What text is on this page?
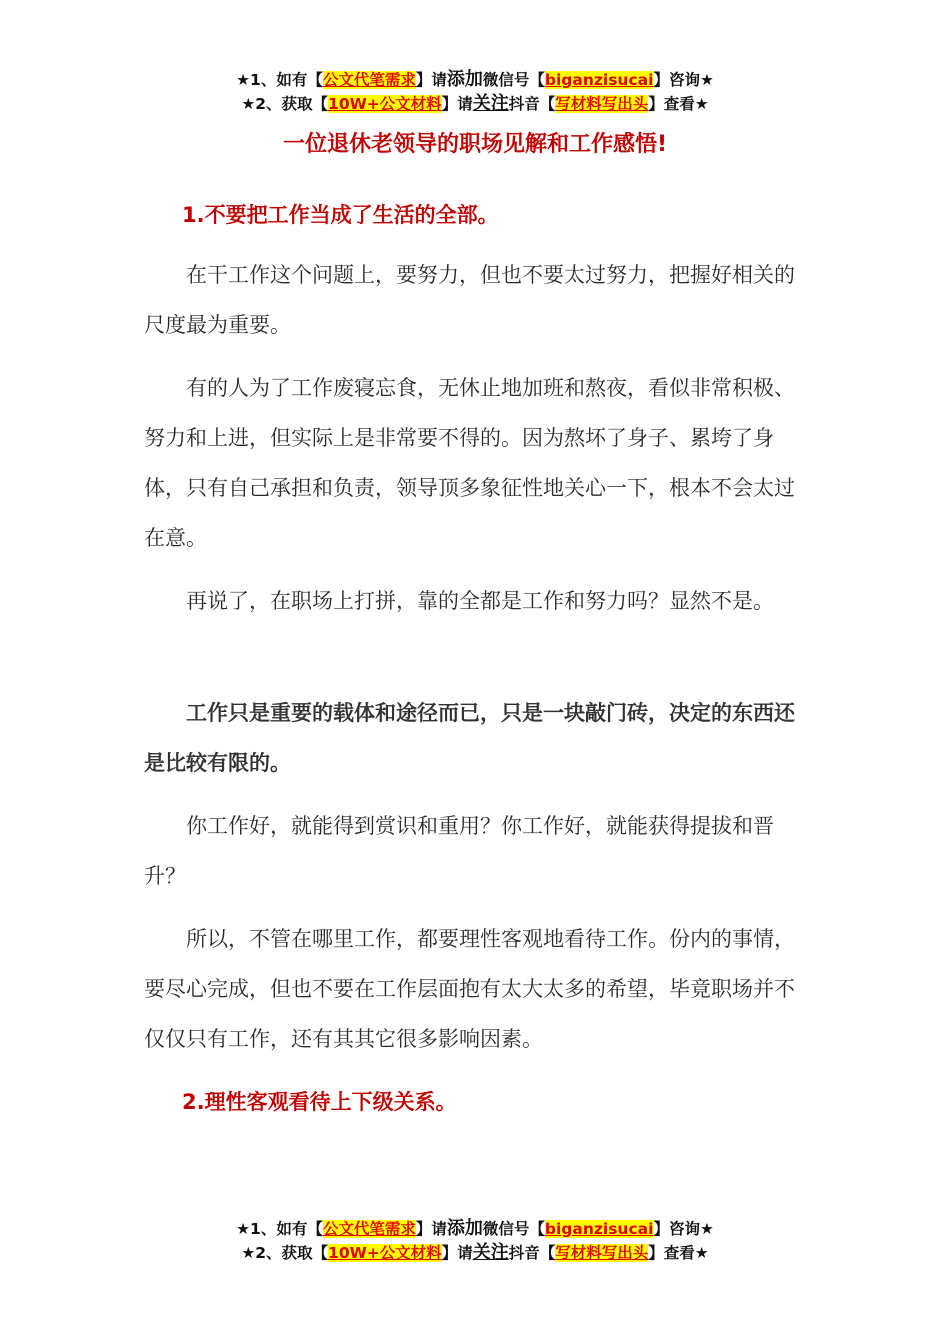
★1、如有【公文代笔需求】请添加微信号【biganzisucai】咨询★
★2、获取【10W+公文材料】请关注抖音【写材料写出头】查看★
一位退休老领导的职场见解和工作感悟!

1.不要把工作当成了生活的全部。

在干工作这个问题上，要努力，但也不要太过努力，把握好相关的尺度最为重要。

有的人为了工作废寝忘食，无休止地加班和熬夜，看似非常积极、努力和上进，但实际上是非常要不得的。因为熬坏了身子、累垮了身体，只有自己承担和负责，领导顶多象征性地关心一下，根本不会太过在意。

再说了，在职场上打拼，靠的全都是工作和努力吗？显然不是。

工作只是重要的载体和途径而已，只是一块敲门砖，决定的东西还是比较有限的。

你工作好，就能得到赏识和重用？你工作好，就能获得提拔和晋升？

所以，不管在哪里工作，都要理性客观地看待工作。份内的事情，要尽心完成，但也不要在工作层面抱有太大太多的希望，毕竟职场并不仅仅只有工作，还有其其它很多影响因素。

2.理性客观看待上下级关系。

★1、如有【公文代笔需求】请添加微信号【biganzisucai】咨询★
★2、获取【10W+公文材料】请关注抖音【写材料写出头】查看★
